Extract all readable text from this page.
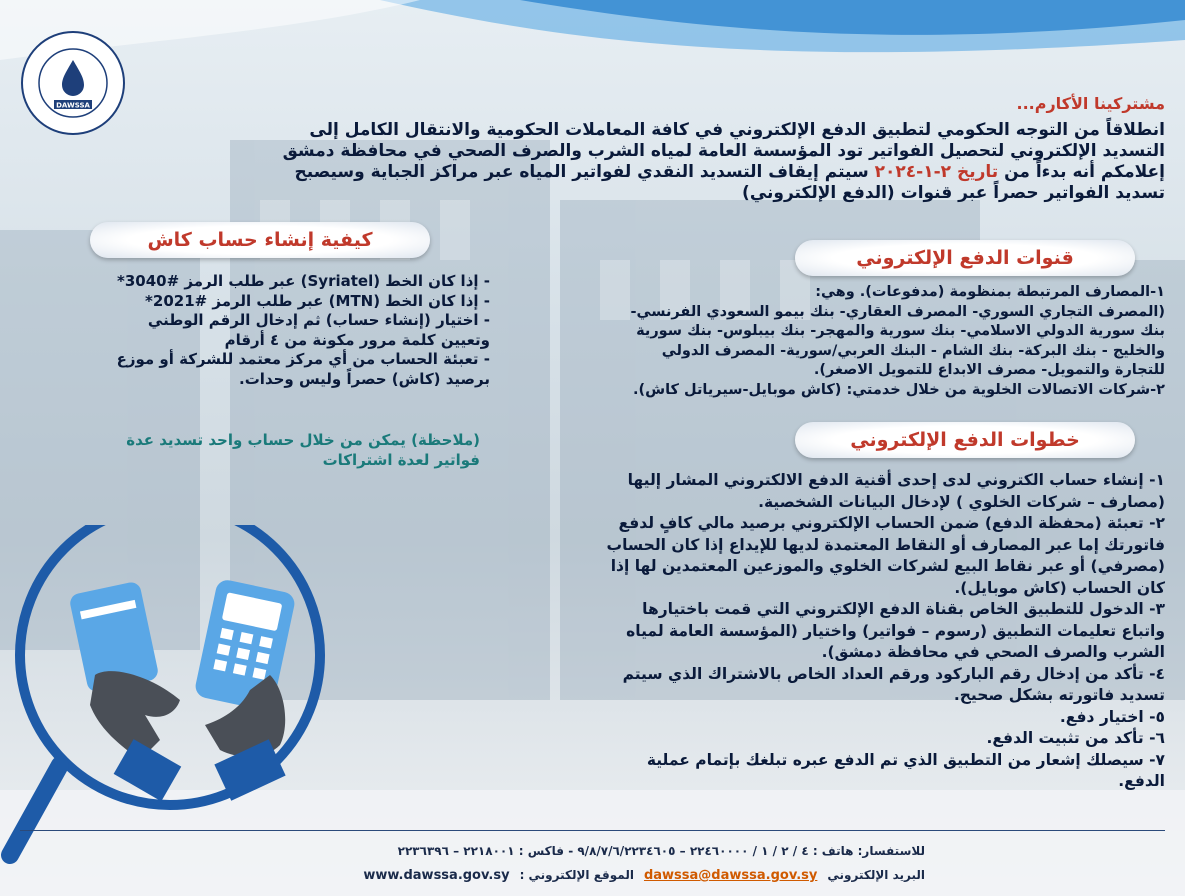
DAWSSA	مشتركينا الأكارم...
انطلاقاً من التوجه الحكومي لتطبيق الدفع الإلكتروني في كافة المعاملات الحكومية والانتقال الكامل إلى
التسديد الإلكتروني لتحصيل الفواتير تود المؤسسة العامة لمياه الشرب والصرف الصحي في محافظة دمشق
إعلامكم أنه بدءاً من تاريخ ٢-١-٢٠٢٤ سيتم إيقاف التسديد النقدي لفواتير المياه عبر مراكز الجباية وسيصبح
تسديد الفواتير حصراً عبر قنوات (الدفع الإلكتروني)
كيفية إنشاء حساب كاش
قنوات الدفع الإلكتروني
خطوات الدفع الإلكتروني
١-المصارف المرتبطة بمنظومة (مدفوعات). وهي:
(المصرف التجاري السوري- المصرف العقاري- بنك بيمو السعودي الفرنسي-
بنك سورية الدولي الاسلامي- بنك سورية والمهجر- بنك بيبلوس- بنك سورية
والخليج - بنك البركة- بنك الشام - البنك العربي/سورية- المصرف الدولي
للتجارة والتمويل- مصرف الابداع للتمويل الاصغر).
٢-شركات الاتصالات الخلوية من خلال خدمتي: (كاش موبايل-سيرياتل كاش).
١- إنشاء حساب الكتروني لدى إحدى أقنية الدفع الالكتروني المشار إليها
(مصارف – شركات الخلوي ) لإدخال البيانات الشخصية.
٢- تعبئة (محفظة الدفع) ضمن الحساب الإلكتروني برصيد مالي كافٍ لدفع
فاتورتك إما عبر المصارف أو النقاط المعتمدة لديها للإيداع إذا كان الحساب
(مصرفي) أو عبر نقاط البيع لشركات الخلوي والموزعين المعتمدين لها إذا
كان الحساب (كاش موبايل).
٣- الدخول للتطبيق الخاص بقناة الدفع الإلكتروني التي قمت باختيارها
واتباع تعليمات التطبيق (رسوم – فواتير) واختيار (المؤسسة العامة لمياه
الشرب والصرف الصحي في محافظة دمشق).
٤- تأكد من إدخال رقم الباركود ورقم العداد الخاص بالاشتراك الذي سيتم
تسديد فاتورته بشكل صحيح.
٥- اختيار دفع.
٦- تأكد من تثبيت الدفع.
٧- سيصلك إشعار من التطبيق الذي تم الدفع عبره تبلغك بإتمام عملية
الدفع.
- إذا كان الخط (Syriatel) عبر طلب الرمز #3040*
- إذا كان الخط (MTN) عبر طلب الرمز #2021*
- اختيار (إنشاء حساب) ثم إدخال الرقم الوطني
وتعيين كلمة مرور مكونة من ٤ أرقام
- تعبئة الحساب من أي مركز معتمد للشركة أو موزع
برصيد (كاش) حصراً وليس وحدات.
(ملاحظة) يمكن من خلال حساب واحد تسديد عدة
فواتير لعدة اشتراكات
للاستفسار: هاتف : ٤ / ٢ / ١ / ٢٢٤٦٠٠٠٠ – ٩/٨/٧/٦/٢٢٣٤٦٠٥ - فاكس : ٢٢١٨٠٠١ – ٢٢٣٦٣٩٦
البريد الإلكتروني
dawssa@dawssa.gov.sy
الموقع الإلكتروني :
www.dawssa.gov.sy
